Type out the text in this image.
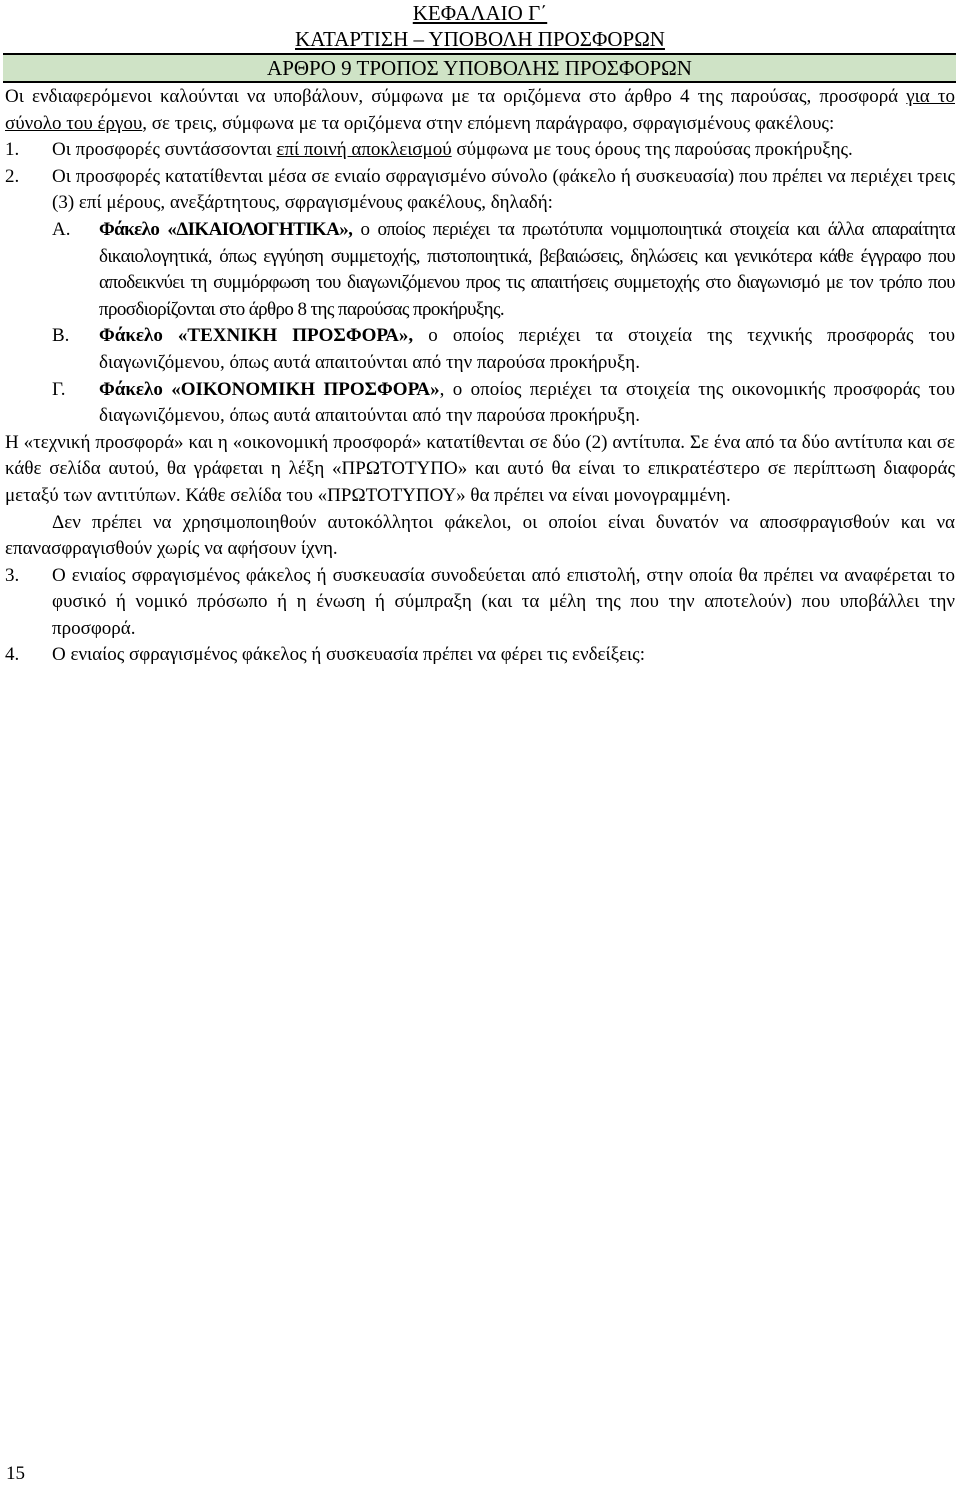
ΚΕΦΑΛΑΙΟ Γ΄
ΚΑΤΑΡΤΙΣΗ – ΥΠΟΒΟΛΗ ΠΡΟΣΦΟΡΩΝ
ΑΡΘΡΟ 9 ΤΡΟΠΟΣ ΥΠΟΒΟΛΗΣ ΠΡΟΣΦΟΡΩΝ

Οι ενδιαφερόμενοι καλούνται να υποβάλουν, σύμφωνα με τα οριζόμενα στο άρθρο 4 της παρούσας, προσφορά για το σύνολο του έργου, σε τρεις, σύμφωνα με τα οριζόμενα στην επόμενη παράγραφο, σφραγισμένους φακέλους:

1.	Οι προσφορές συντάσσονται επί ποινή αποκλεισμού σύμφωνα με τους όρους της παρούσας προκήρυξης.
2.	Οι προσφορές κατατίθενται μέσα σε ενιαίο σφραγισμένο σύνολο (φάκελο ή συσκευασία) που πρέπει να περιέχει τρεις (3) επί μέρους, ανεξάρτητους, σφραγισμένους φακέλους, δηλαδή:
Α.	Φάκελο «ΔΙΚΑΙΟΛΟΓΗΤΙΚΑ», ο οποίος περιέχει τα πρωτότυπα νομιμοποιητικά στοιχεία και άλλα απαραίτητα δικαιολογητικά, όπως εγγύηση συμμετοχής, πιστοποιητικά, βεβαιώσεις, δηλώσεις και γενικότερα κάθε έγγραφο που αποδεικνύει τη συμμόρφωση του διαγωνιζόμενου προς τις απαιτήσεις συμμετοχής στο διαγωνισμό με τον τρόπο που προσδιορίζονται στο άρθρο 8 της παρούσας προκήρυξης.
Β.	Φάκελο «ΤΕΧΝΙΚΗ ΠΡΟΣΦΟΡΑ», ο οποίος περιέχει τα στοιχεία της τεχνικής προσφοράς του διαγωνιζόμενου, όπως αυτά απαιτούνται από την παρούσα προκήρυξη.
Γ.	Φάκελο «ΟΙΚΟΝΟΜΙΚΗ ΠΡΟΣΦΟΡΑ», ο οποίος περιέχει τα στοιχεία της οικονομικής προσφοράς του διαγωνιζόμενου, όπως αυτά απαιτούνται από την παρούσα προκήρυξη.

Η «τεχνική προσφορά» και η «οικονομική προσφορά» κατατίθενται σε δύο (2) αντίτυπα. Σε ένα από τα δύο αντίτυπα και σε κάθε σελίδα αυτού, θα γράφεται η λέξη «ΠΡΩΤΟΤΥΠΟ» και αυτό θα είναι το επικρατέστερο σε περίπτωση διαφοράς μεταξύ των αντιτύπων. Κάθε σελίδα του «ΠΡΩΤΟΤΥΠΟΥ» θα πρέπει να είναι μονογραμμένη.

Δεν πρέπει να χρησιμοποιηθούν αυτοκόλλητοι φάκελοι, οι οποίοι είναι δυνατόν να αποσφραγισθούν και να επανασφραγισθούν χωρίς να αφήσουν ίχνη.

3.	Ο ενιαίος σφραγισμένος φάκελος ή συσκευασία συνοδεύεται από επιστολή, στην οποία θα πρέπει να αναφέρεται το φυσικό ή νομικό πρόσωπο ή η ένωση ή σύμπραξη (και τα μέλη της που την αποτελούν) που υποβάλλει την προσφορά.
4.	Ο ενιαίος σφραγισμένος φάκελος ή συσκευασία πρέπει να φέρει τις ενδείξεις:
15
